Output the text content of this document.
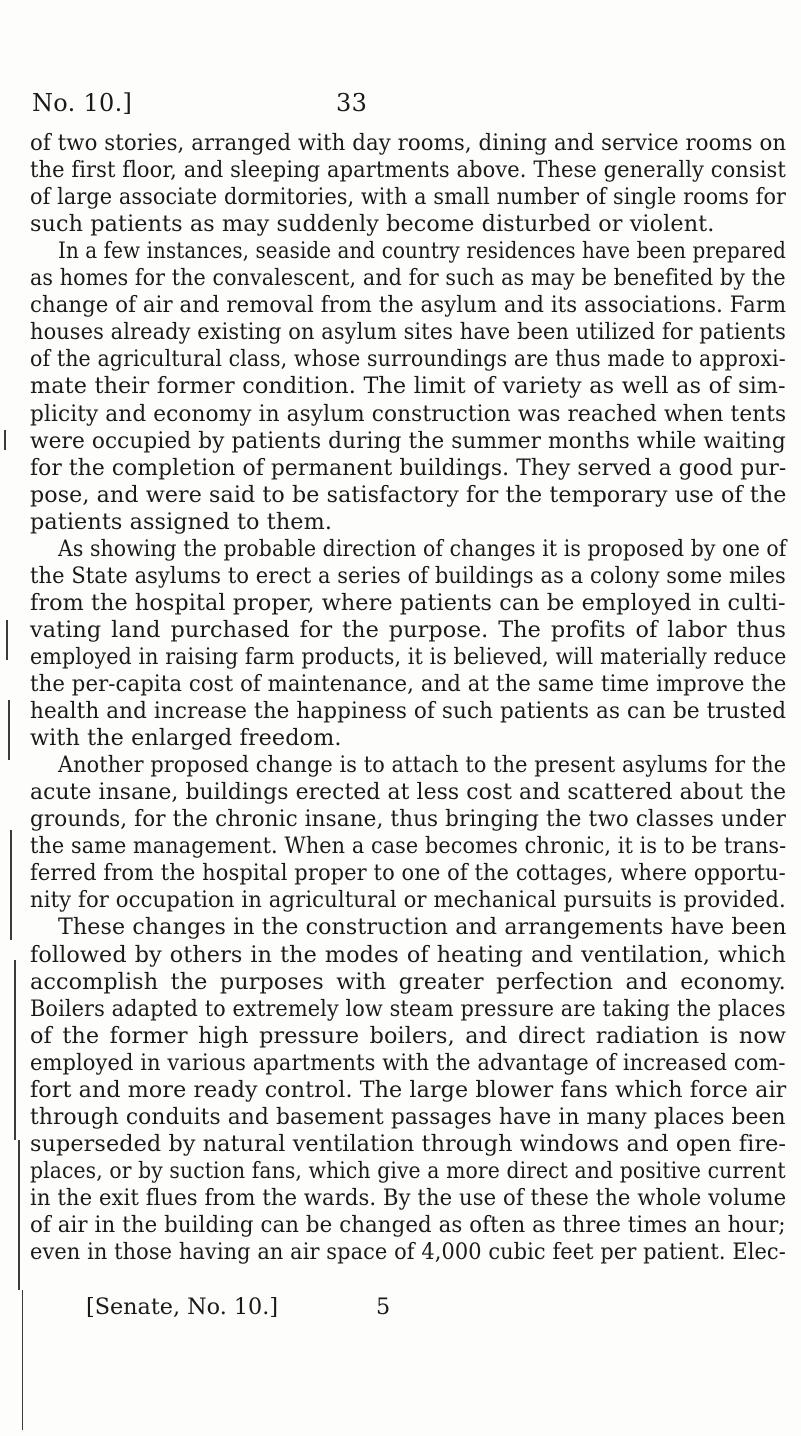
No. 10.]	33
of two stories, arranged with day rooms, dining and service rooms on
the first floor, and sleeping apartments above. These generally consist
of large associate dormitories, with a small number of single rooms for
such patients as may suddenly become disturbed or violent.
In a few instances, seaside and country residences have been prepared
as homes for the convalescent, and for such as may be benefited by the
change of air and removal from the asylum and its associations. Farm
houses already existing on asylum sites have been utilized for patients
of the agricultural class, whose surroundings are thus made to approxi-
mate their former condition. The limit of variety as well as of sim-
plicity and economy in asylum construction was reached when tents
were occupied by patients during the summer months while waiting
for the completion of permanent buildings. They served a good pur-
pose, and were said to be satisfactory for the temporary use of the
patients assigned to them.
As showing the probable direction of changes it is proposed by one of
the State asylums to erect a series of buildings as a colony some miles
from the hospital proper, where patients can be employed in culti-
vating land purchased for the purpose. The profits of labor thus
employed in raising farm products, it is believed, will materially reduce
the per-capita cost of maintenance, and at the same time improve the
health and increase the happiness of such patients as can be trusted
with the enlarged freedom.
Another proposed change is to attach to the present asylums for the
acute insane, buildings erected at less cost and scattered about the
grounds, for the chronic insane, thus bringing the two classes under
the same management. When a case becomes chronic, it is to be trans-
ferred from the hospital proper to one of the cottages, where opportu-
nity for occupation in agricultural or mechanical pursuits is provided.
These changes in the construction and arrangements have been
followed by others in the modes of heating and ventilation, which
accomplish the purposes with greater perfection and economy.
Boilers adapted to extremely low steam pressure are taking the places
of the former high pressure boilers, and direct radiation is now
employed in various apartments with the advantage of increased com-
fort and more ready control. The large blower fans which force air
through conduits and basement passages have in many places been
superseded by natural ventilation through windows and open fire-
places, or by suction fans, which give a more direct and positive current
in the exit flues from the wards. By the use of these the whole volume
of air in the building can be changed as often as three times an hour;
even in those having an air space of 4,000 cubic feet per patient. Elec-
[Senate, No. 10.]	5
